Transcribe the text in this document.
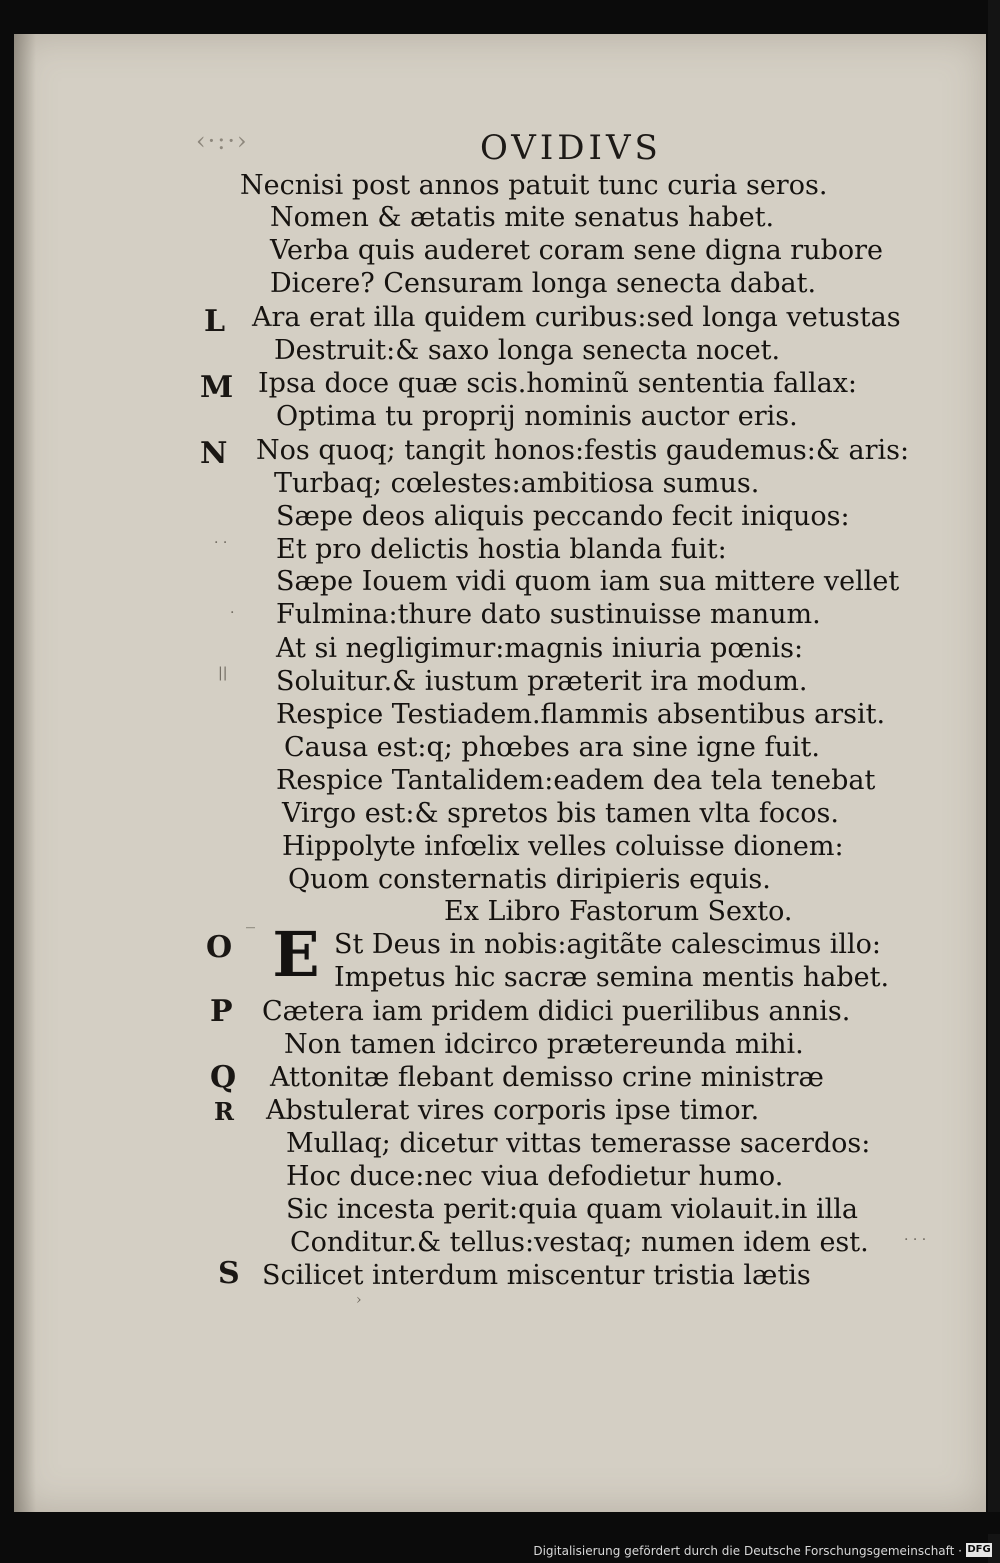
‹·:·›	OVIDIVS
L
M
N
O
P
Q
R
S
· ·
·
||
‾
· · ·
›
E
Necnisi post annos patuit tunc curia seros.
Nomen & ætatis mite senatus habet.
Verba quis auderet coram sene digna rubore
Dicere? Censuram longa senecta dabat.
Ara erat illa quidem curibus:sed longa vetustas
Destruit:& saxo longa senecta nocet.
Ipsa doce quæ scis.hominũ sententia fallax:
Optima tu proprij nominis auctor eris.
Nos quoq; tangit honos:festis gaudemus:& aris:
Turbaq; cœlestes:ambitiosa sumus.
Sæpe deos aliquis peccando fecit iniquos:
Et pro delictis hostia blanda fuit:
Sæpe Iouem vidi quom iam sua mittere vellet
Fulmina:thure dato sustinuisse manum.
At si negligimur:magnis iniuria pœnis:
Soluitur.& iustum præterit ira modum.
Respice Testiadem.flammis absentibus arsit.
Causa est:q; phœbes ara sine igne fuit.
Respice Tantalidem:eadem dea tela tenebat
Virgo est:& spretos bis tamen vlta focos.
Hippolyte infœlix velles coluisse dionem:
Quom consternatis diripieris equis.
Ex Libro Fastorum Sexto.
St Deus in nobis:agitãte calescimus illo:
Impetus hic sacræ semina mentis habet.
Cætera iam pridem didici puerilibus annis.
Non tamen idcirco prætereunda mihi.
Attonitæ flebant demisso crine ministræ
Abstulerat vires corporis ipse timor.
Mullaq; dicetur vittas temerasse sacerdos:
Hoc duce:nec viua defodietur humo.
Sic incesta perit:quia quam violauit.in illa
Conditur.& tellus:vestaq; numen idem est.
Scilicet interdum miscentur tristia lætis
Digitalisierung gefördert durch die Deutsche Forschungsgemeinschaft · DFG
